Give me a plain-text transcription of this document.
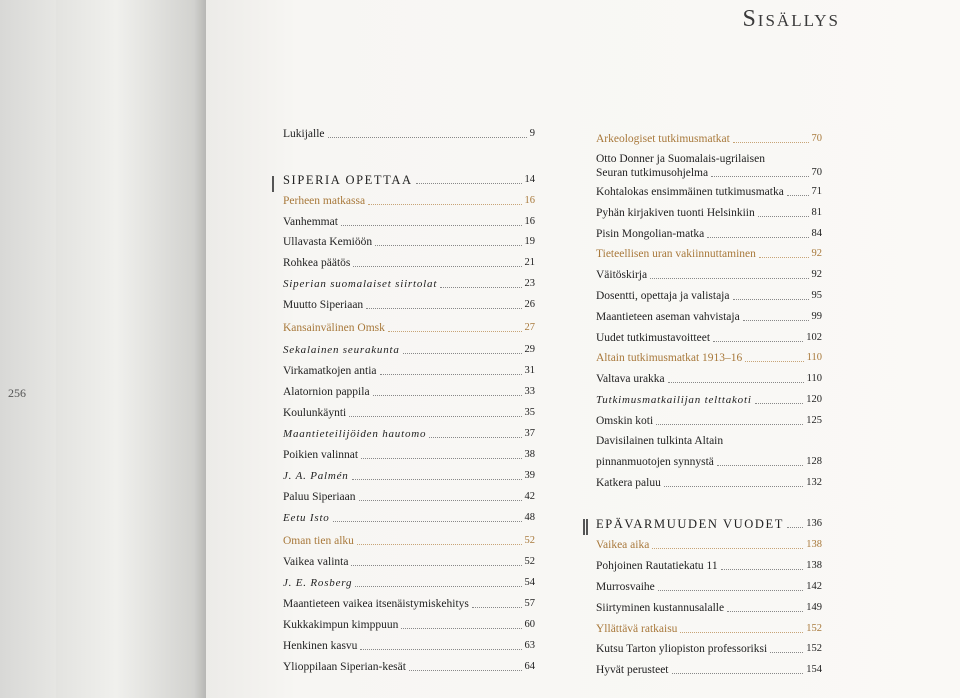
256
Sisällys
Lukijalle	9
SIPERIA OPETTAA	14
Perheen matkassa	16
Vanhemmat	16
Ullavasta Kemiöön	19
Rohkea päätös	21
Siperian suomalaiset siirtolat	23
Muutto Siperiaan	26
Kansainvälinen Omsk	27
Sekalainen seurakunta	29
Virkamatkojen antia	31
Alatornion pappila	33
Koulunkäynti	35
Maantieteilijöiden hautomo	37
Poikien valinnat	38
J. A. Palmén	39
Paluu Siperiaan	42
Eetu Isto	48
Oman tien alku	52
Vaikea valinta	52
J. E. Rosberg	54
Maantieteen vaikea itsenäistymiskehitys	57
Kukkakimpun kimppuun	60
Henkinen kasvu	63
Ylioppilaan Siperian-kesät	64
Arkeologiset tutkimusmatkat	70
Otto Donner ja Suomalais-ugrilaisen
Seuran tutkimusohjelma	70
Kohtalokas ensimmäinen tutkimusmatka	71
Pyhän kirjakiven tuonti Helsinkiin	81
Pisin Mongolian-matka	84
Tieteellisen uran vakiinnuttaminen	92
Väitöskirja	92
Dosentti, opettaja ja valistaja	95
Maantieteen aseman vahvistaja	99
Uudet tutkimustavoitteet	102
Altain tutkimusmatkat 1913–16	110
Valtava urakka	110
Tutkimusmatkailijan telttakoti	120
Omskin koti	125
Davisilainen tulkinta Altain
pinnanmuotojen synnystä	128
Katkera paluu	132
EPÄVARMUUDEN VUODET 136
Vaikea aika	138
Pohjoinen Rautatiekatu 11	138
Murrosvaihe	142
Siirtyminen kustannusalalle	149
Yllättävä ratkaisu	152
Kutsu Tarton yliopiston professoriksi	152
Hyvät perusteet	154
